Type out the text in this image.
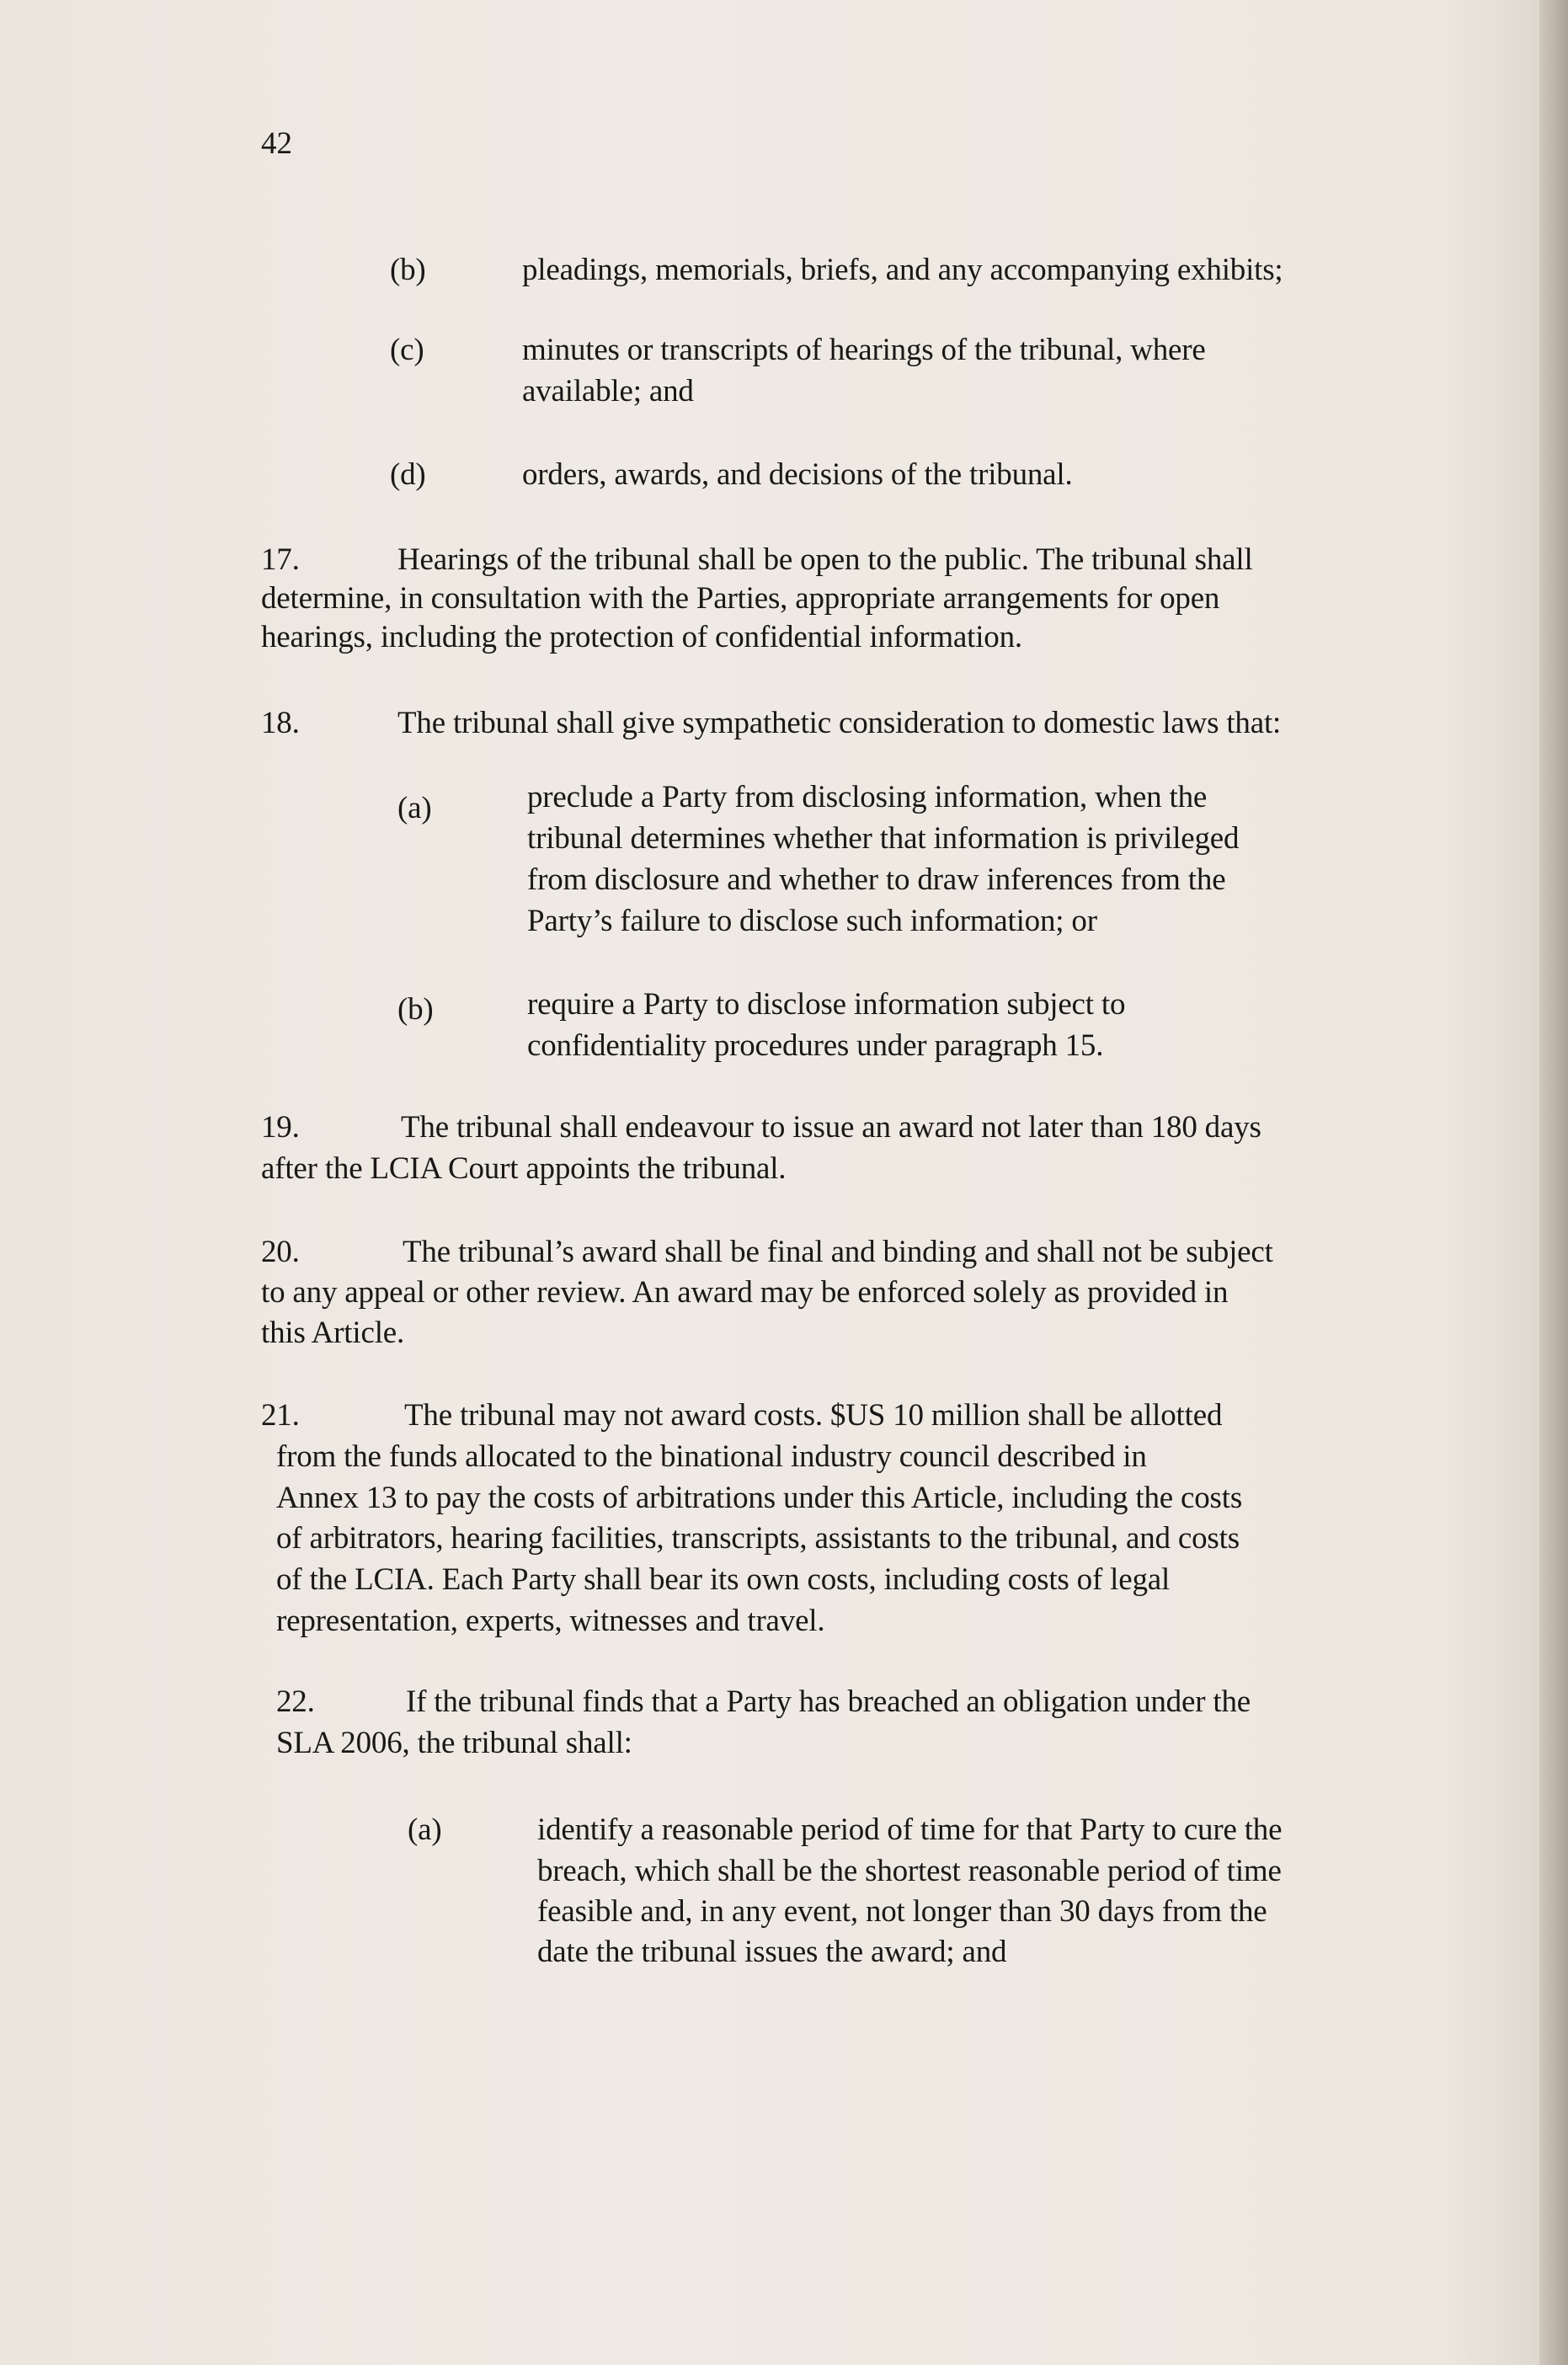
42
(b)	pleadings, memorials, briefs, and any accompanying exhibits;
(c)	minutes or transcripts of hearings of the tribunal, where
available; and
(d)	orders, awards, and decisions of the tribunal.
17.	Hearings of the tribunal shall be open to the public. The tribunal shall
determine, in consultation with the Parties, appropriate arrangements for open
hearings, including the protection of confidential information.
18.	The tribunal shall give sympathetic consideration to domestic laws that:
(a)	preclude a Party from disclosing information, when the
tribunal determines whether that information is privileged
from disclosure and whether to draw inferences from the
Party’s failure to disclose such information; or
(b)	require a Party to disclose information subject to
confidentiality procedures under paragraph 15.
19.	The tribunal shall endeavour to issue an award not later than 180 days
after the LCIA Court appoints the tribunal.
20.	The tribunal’s award shall be final and binding and shall not be subject
to any appeal or other review. An award may be enforced solely as provided in
this Article.
21.	The tribunal may not award costs. $US 10 million shall be allotted
from the funds allocated to the binational industry council described in
Annex 13 to pay the costs of arbitrations under this Article, including the costs
of arbitrators, hearing facilities, transcripts, assistants to the tribunal, and costs
of the LCIA. Each Party shall bear its own costs, including costs of legal
representation, experts, witnesses and travel.
22.	If the tribunal finds that a Party has breached an obligation under the
SLA 2006, the tribunal shall:
(a)	identify a reasonable period of time for that Party to cure the
breach, which shall be the shortest reasonable period of time
feasible and, in any event, not longer than 30 days from the
date the tribunal issues the award; and
